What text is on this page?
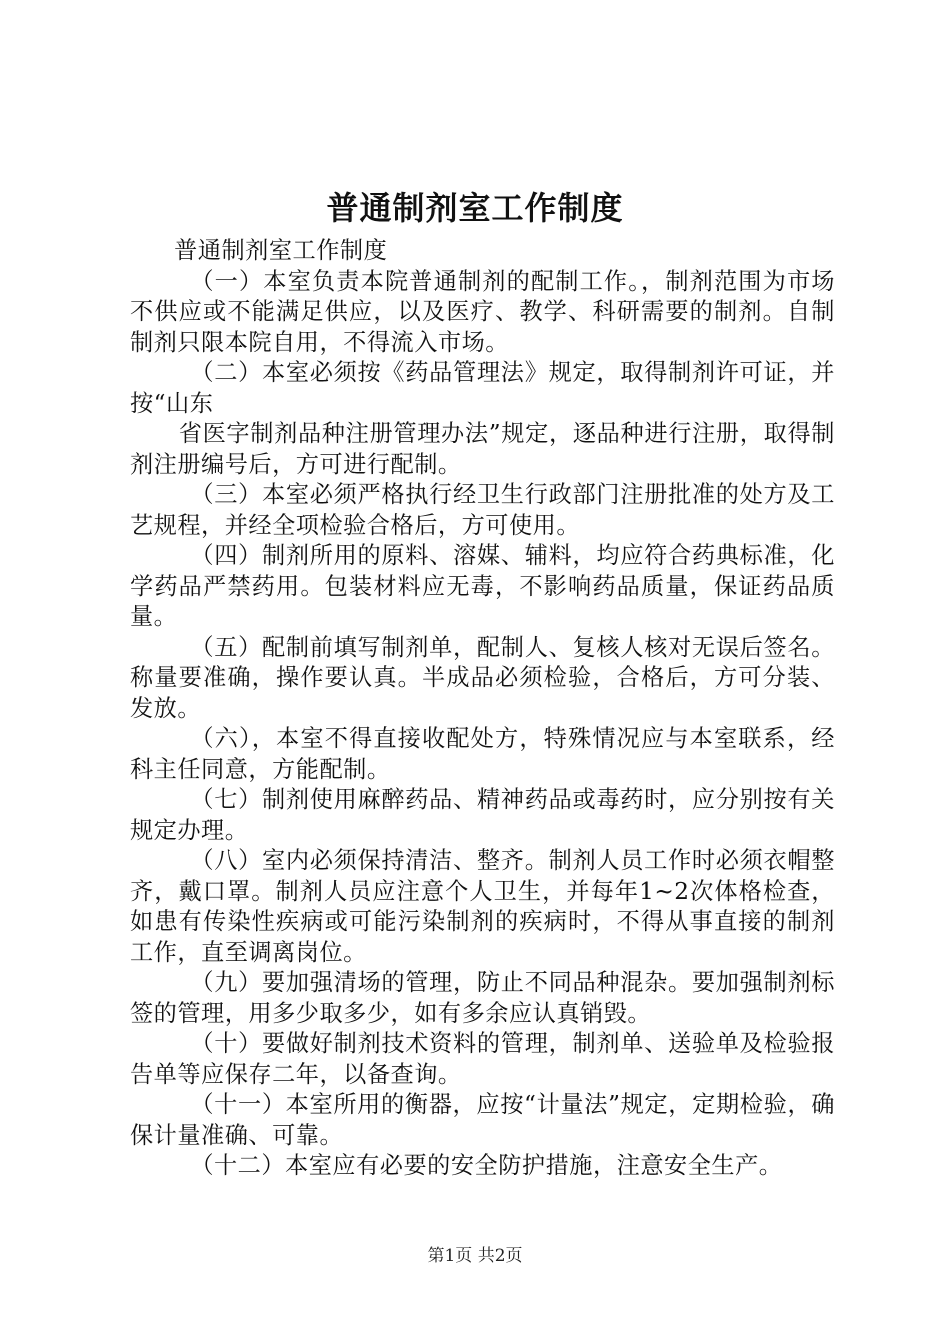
普通制剂室工作制度

普通制剂室工作制度

（一）本室负责本院普通制剂的配制工作。，制剂范围为市场不供应或不能满足供应，以及医疗、教学、科研需要的制剂。自制制剂只限本院自用，不得流入市场。

（二）本室必须按《药品管理法》规定，取得制剂许可证，并按“山东

省医字制剂品种注册管理办法”规定，逐品种进行注册，取得制剂注册编号后，方可进行配制。

（三）本室必须严格执行经卫生行政部门注册批准的处方及工艺规程，并经全项检验合格后，方可使用。

（四）制剂所用的原料、溶媒、辅料，均应符合药典标准，化学药品严禁药用。包装材料应无毒，不影响药品质量，保证药品质量。

（五）配制前填写制剂单，配制人、复核人核对无误后签名。称量要准确，操作要认真。半成品必须检验，合格后，方可分装、发放。

（六），本室不得直接收配处方，特殊情况应与本室联系，经科主任同意，方能配制。

（七）制剂使用麻醉药品、精神药品或毒药时，应分别按有关规定办理。

（八）室内必须保持清洁、整齐。制剂人员工作时必须衣帽整齐，戴口罩。制剂人员应注意个人卫生，并每年1~2次体格检查，如患有传染性疾病或可能污染制剂的疾病时，不得从事直接的制剂工作，直至调离岗位。

（九）要加强清场的管理，防止不同品种混杂。要加强制剂标签的管理，用多少取多少，如有多余应认真销毁。

（十）要做好制剂技术资料的管理，制剂单、送验单及检验报告单等应保存二年，以备查询。

（十一）本室所用的衡器，应按“计量法”规定，定期检验，确保计量准确、可靠。

（十二）本室应有必要的安全防护措施，注意安全生产。

第1页 共2页
